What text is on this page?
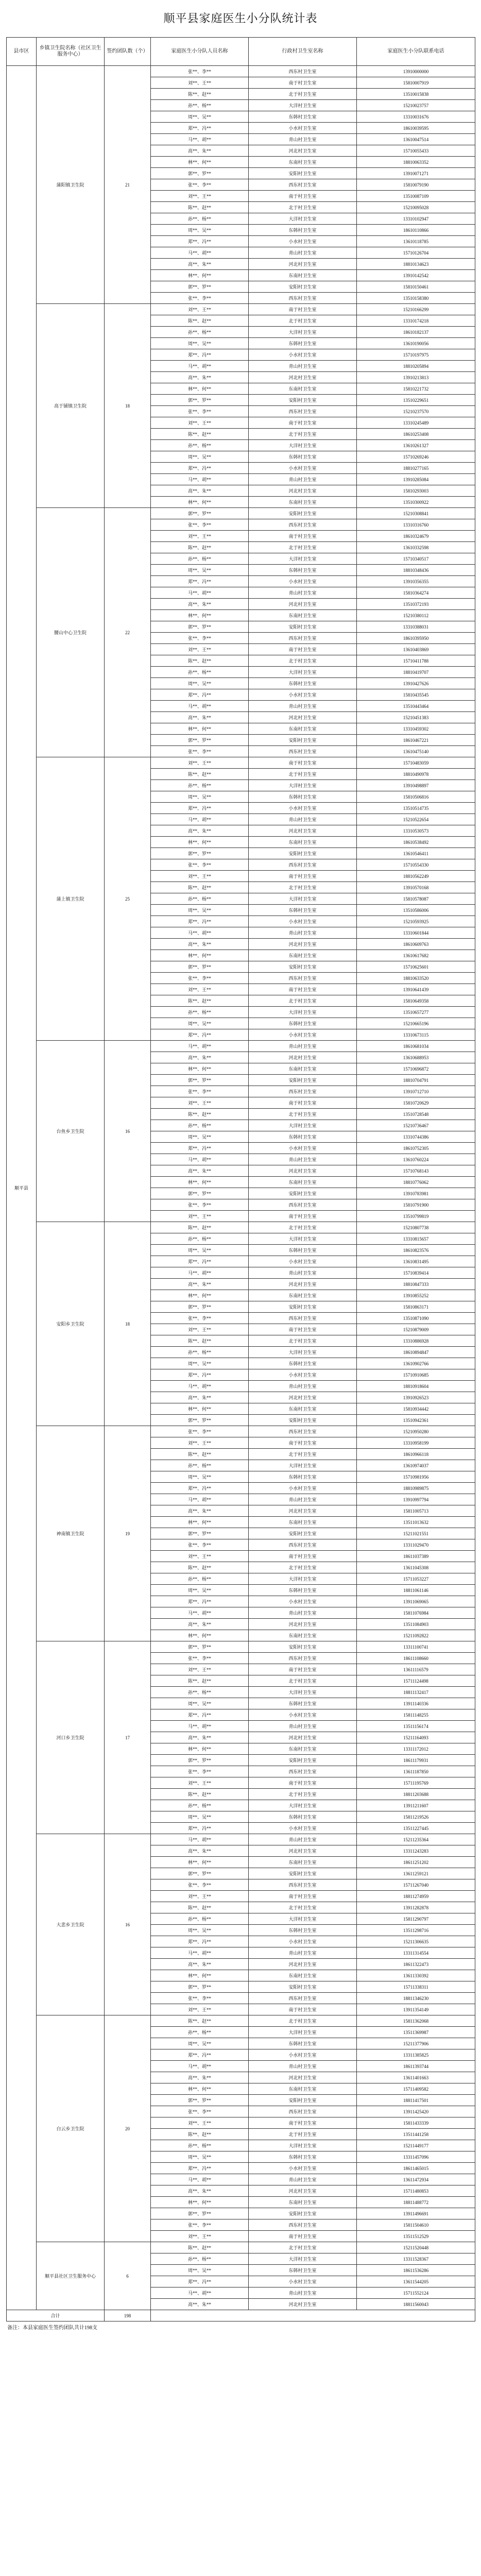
顺平县家庭医生小分队统计表
县市区	乡镇卫生院名称（社区卫生服务中心）	签约团队数（个）	家庭医生小分队人员名称	行政村卫生室名称	家庭医生小分队联系电话
顺平县	蒲阳镇卫生院	21	张**、李**	西东村卫生室	13910000000
			刘**、王**	南于村卫生室	15810007919
			陈**、赵**	北于村卫生室	13510015838
			孙**、杨**	大洋村卫生室	15210023757
			周**、吴**	东韩村卫生室	13310031676
			郑**、冯**	小水村卫生室	18610039595
			马**、胡**	青山村卫生室	13610047514
			高**、朱**	河北村卫生室	15710055433
			林**、何**	东南村卫生室	18810063352
			郭**、罗**	安阳村卫生室	13910071271
			张**、李**	西东村卫生室	15810079190
			刘**、王**	南于村卫生室	13510087109
			陈**、赵**	北于村卫生室	15210095028
			孙**、杨**	大洋村卫生室	13310102947
			周**、吴**	东韩村卫生室	18610110866
			郑**、冯**	小水村卫生室	13610118785
			马**、胡**	青山村卫生室	15710126704
			高**、朱**	河北村卫生室	18810134623
			林**、何**	东南村卫生室	13910142542
			郭**、罗**	安阳村卫生室	15810150461
			张**、李**	西东村卫生室	13510158380
	高于铺镇卫生院	18	刘**、王**	南于村卫生室	15210166299
			陈**、赵**	北于村卫生室	13310174218
			孙**、杨**	大洋村卫生室	18610182137
			周**、吴**	东韩村卫生室	13610190056
			郑**、冯**	小水村卫生室	15710197975
			马**、胡**	青山村卫生室	18810205894
			高**、朱**	河北村卫生室	13910213813
			林**、何**	东南村卫生室	15810221732
			郭**、罗**	安阳村卫生室	13510229651
			张**、李**	西东村卫生室	15210237570
			刘**、王**	南于村卫生室	13310245489
			陈**、赵**	北于村卫生室	18610253408
			孙**、杨**	大洋村卫生室	13610261327
			周**、吴**	东韩村卫生室	15710269246
			郑**、冯**	小水村卫生室	18810277165
			马**、胡**	青山村卫生室	13910285084
			高**、朱**	河北村卫生室	15810293003
			林**、何**	东南村卫生室	13510300922
	腰山中心卫生院	22	郭**、罗**	安阳村卫生室	15210308841
			张**、李**	西东村卫生室	13310316760
			刘**、王**	南于村卫生室	18610324679
			陈**、赵**	北于村卫生室	13610332598
			孙**、杨**	大洋村卫生室	15710340517
			周**、吴**	东韩村卫生室	18810348436
			郑**、冯**	小水村卫生室	13910356355
			马**、胡**	青山村卫生室	15810364274
			高**、朱**	河北村卫生室	13510372193
			林**、何**	东南村卫生室	15210380112
			郭**、罗**	安阳村卫生室	13310388031
			张**、李**	西东村卫生室	18610395950
			刘**、王**	南于村卫生室	13610403869
			陈**、赵**	北于村卫生室	15710411788
			孙**、杨**	大洋村卫生室	18810419707
			周**、吴**	东韩村卫生室	13910427626
			郑**、冯**	小水村卫生室	15810435545
			马**、胡**	青山村卫生室	13510443464
			高**、朱**	河北村卫生室	15210451383
			林**、何**	东南村卫生室	13310459302
			郭**、罗**	安阳村卫生室	18610467221
			张**、李**	西东村卫生室	13610475140
	蒲上镇卫生院	25	刘**、王**	南于村卫生室	15710483059
			陈**、赵**	北于村卫生室	18810490978
			孙**、杨**	大洋村卫生室	13910498897
			周**、吴**	东韩村卫生室	15810506816
			郑**、冯**	小水村卫生室	13510514735
			马**、胡**	青山村卫生室	15210522654
			高**、朱**	河北村卫生室	13310530573
			林**、何**	东南村卫生室	18610538492
			郭**、罗**	安阳村卫生室	13610546411
			张**、李**	西东村卫生室	15710554330
			刘**、王**	南于村卫生室	18810562249
			陈**、赵**	北于村卫生室	13910570168
			孙**、杨**	大洋村卫生室	15810578087
			周**、吴**	东韩村卫生室	13510586006
			郑**、冯**	小水村卫生室	15210593925
			马**、胡**	青山村卫生室	13310601844
			高**、朱**	河北村卫生室	18610609763
			林**、何**	东南村卫生室	13610617682
			郭**、罗**	安阳村卫生室	15710625601
			张**、李**	西东村卫生室	18810633520
			刘**、王**	南于村卫生室	13910641439
			陈**、赵**	北于村卫生室	15810649358
			孙**、杨**	大洋村卫生室	13510657277
			周**、吴**	东韩村卫生室	15210665196
			郑**、冯**	小水村卫生室	13310673115
	台鱼乡卫生院	16	马**、胡**	青山村卫生室	18610681034
			高**、朱**	河北村卫生室	13610688953
			林**、何**	东南村卫生室	15710696872
			郭**、罗**	安阳村卫生室	18810704791
			张**、李**	西东村卫生室	13910712710
			刘**、王**	南于村卫生室	15810720629
			陈**、赵**	北于村卫生室	13510728548
			孙**、杨**	大洋村卫生室	15210736467
			周**、吴**	东韩村卫生室	13310744386
			郑**、冯**	小水村卫生室	18610752305
			马**、胡**	青山村卫生室	13610760224
			高**、朱**	河北村卫生室	15710768143
			林**、何**	东南村卫生室	18810776062
			郭**、罗**	安阳村卫生室	13910783981
			张**、李**	西东村卫生室	15810791900
			刘**、王**	南于村卫生室	13510799819
	安阳乡卫生院	18	陈**、赵**	北于村卫生室	15210807738
			孙**、杨**	大洋村卫生室	13310815657
			周**、吴**	东韩村卫生室	18610823576
			郑**、冯**	小水村卫生室	13610831495
			马**、胡**	青山村卫生室	15710839414
			高**、朱**	河北村卫生室	18810847333
			林**、何**	东南村卫生室	13910855252
			郭**、罗**	安阳村卫生室	15810863171
			张**、李**	西东村卫生室	13510871090
			刘**、王**	南于村卫生室	15210879009
			陈**、赵**	北于村卫生室	13310886928
			孙**、杨**	大洋村卫生室	18610894847
			周**、吴**	东韩村卫生室	13610902766
			郑**、冯**	小水村卫生室	15710910685
			马**、胡**	青山村卫生室	18810918604
			高**、朱**	河北村卫生室	13910926523
			林**、何**	东南村卫生室	15810934442
			郭**、罗**	安阳村卫生室	13510942361
	神南镇卫生院	19	张**、李**	西东村卫生室	15210950280
			刘**、王**	南于村卫生室	13310958199
			陈**、赵**	北于村卫生室	18610966118
			孙**、杨**	大洋村卫生室	13610974037
			周**、吴**	东韩村卫生室	15710981956
			郑**、冯**	小水村卫生室	18810989875
			马**、胡**	青山村卫生室	13910997794
			高**、朱**	河北村卫生室	15811005713
			林**、何**	东南村卫生室	13511013632
			郭**、罗**	安阳村卫生室	15211021551
			张**、李**	西东村卫生室	13311029470
			刘**、王**	南于村卫生室	18611037389
			陈**、赵**	北于村卫生室	13611045308
			孙**、杨**	大洋村卫生室	15711053227
			周**、吴**	东韩村卫生室	18811061146
			郑**、冯**	小水村卫生室	13911069065
			马**、胡**	青山村卫生室	15811076984
			高**、朱**	河北村卫生室	13511084903
			林**、何**	东南村卫生室	15211092822
	河口乡卫生院	17	郭**、罗**	安阳村卫生室	13311100741
			张**、李**	西东村卫生室	18611108660
			刘**、王**	南于村卫生室	13611116579
			陈**、赵**	北于村卫生室	15711124498
			孙**、杨**	大洋村卫生室	18811132417
			周**、吴**	东韩村卫生室	13911140336
			郑**、冯**	小水村卫生室	15811148255
			马**、胡**	青山村卫生室	13511156174
			高**、朱**	河北村卫生室	15211164093
			林**、何**	东南村卫生室	13311172012
			郭**、罗**	安阳村卫生室	18611179931
			张**、李**	西东村卫生室	13611187850
			刘**、王**	南于村卫生室	15711195769
			陈**、赵**	北于村卫生室	18811203688
			孙**、杨**	大洋村卫生室	13911211607
			周**、吴**	东韩村卫生室	15811219526
			郑**、冯**	小水村卫生室	13511227445
	大悲乡卫生院	16	马**、胡**	青山村卫生室	15211235364
			高**、朱**	河北村卫生室	13311243283
			林**、何**	东南村卫生室	18611251202
			郭**、罗**	安阳村卫生室	13611259121
			张**、李**	西东村卫生室	15711267040
			刘**、王**	南于村卫生室	18811274959
			陈**、赵**	北于村卫生室	13911282878
			孙**、杨**	大洋村卫生室	15811290797
			周**、吴**	东韩村卫生室	13511298716
			郑**、冯**	小水村卫生室	15211306635
			马**、胡**	青山村卫生室	13311314554
			高**、朱**	河北村卫生室	18611322473
			林**、何**	东南村卫生室	13611330392
			郭**、罗**	安阳村卫生室	15711338311
			张**、李**	西东村卫生室	18811346230
			刘**、王**	南于村卫生室	13911354149
	白云乡卫生院	20	陈**、赵**	北于村卫生室	15811362068
			孙**、杨**	大洋村卫生室	13511369987
			周**、吴**	东韩村卫生室	15211377906
			郑**、冯**	小水村卫生室	13311385825
			马**、胡**	青山村卫生室	18611393744
			高**、朱**	河北村卫生室	13611401663
			林**、何**	东南村卫生室	15711409582
			郭**、罗**	安阳村卫生室	18811417501
			张**、李**	西东村卫生室	13911425420
			刘**、王**	南于村卫生室	15811433339
			陈**、赵**	北于村卫生室	13511441258
			孙**、杨**	大洋村卫生室	15211449177
			周**、吴**	东韩村卫生室	13311457096
			郑**、冯**	小水村卫生室	18611465015
			马**、胡**	青山村卫生室	13611472934
			高**、朱**	河北村卫生室	15711480853
			林**、何**	东南村卫生室	18811488772
			郭**、罗**	安阳村卫生室	13911496691
			张**、李**	西东村卫生室	15811504610
			刘**、王**	南于村卫生室	13511512529
	顺平县社区卫生服务中心	6	陈**、赵**	北于村卫生室	15211520448
			孙**、杨**	大洋村卫生室	13311528367
			周**、吴**	东韩村卫生室	18611536286
			郑**、冯**	小水村卫生室	13611544205
			马**、胡**	青山村卫生室	15711552124
			高**、朱**	河北村卫生室	18811560043
合计		198			

备注：本县家庭医生签约团队共计198支
